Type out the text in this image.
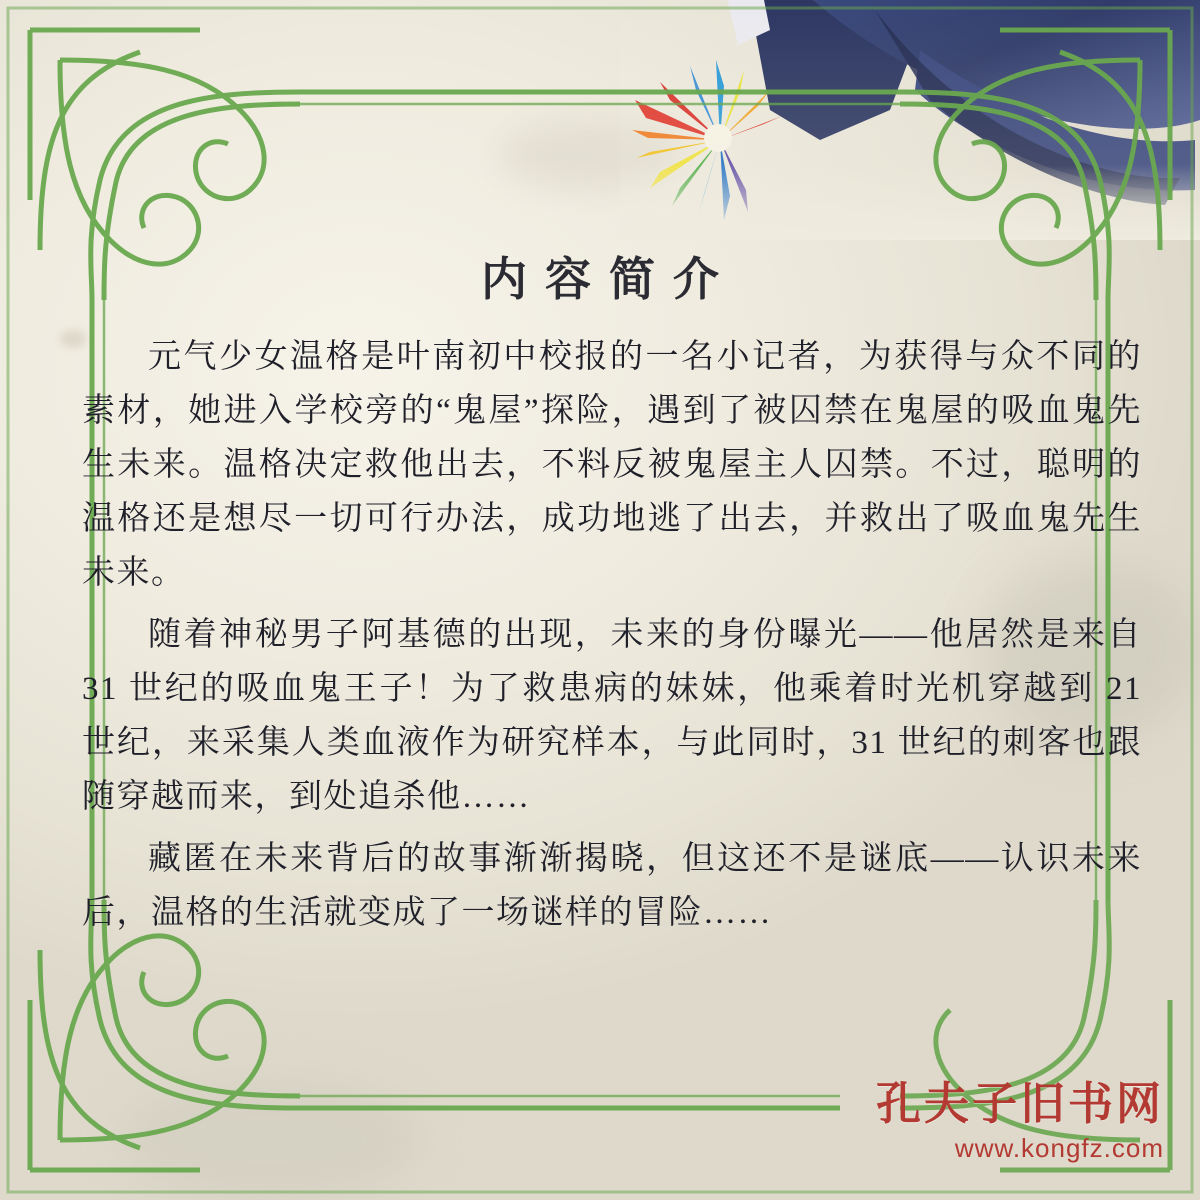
内容简介

元气少女温格是叶南初中校报的一名小记者，为获得与众不同的素材，她进入学校旁的“鬼屋”探险，遇到了被囚禁在鬼屋的吸血鬼先生未来。温格决定救他出去，不料反被鬼屋主人囚禁。不过，聪明的温格还是想尽一切可行办法，成功地逃了出去，并救出了吸血鬼先生未来。

随着神秘男子阿基德的出现，未来的身份曝光——他居然是来自 31 世纪的吸血鬼王子！为了救患病的妹妹，他乘着时光机穿越到 21 世纪，来采集人类血液作为研究样本，与此同时，31 世纪的刺客也跟随穿越而来，到处追杀他……

藏匿在未来背后的故事渐渐揭晓，但这还不是谜底——认识未来后，温格的生活就变成了一场谜样的冒险……

孔夫子旧书网
www.kongfz.com
